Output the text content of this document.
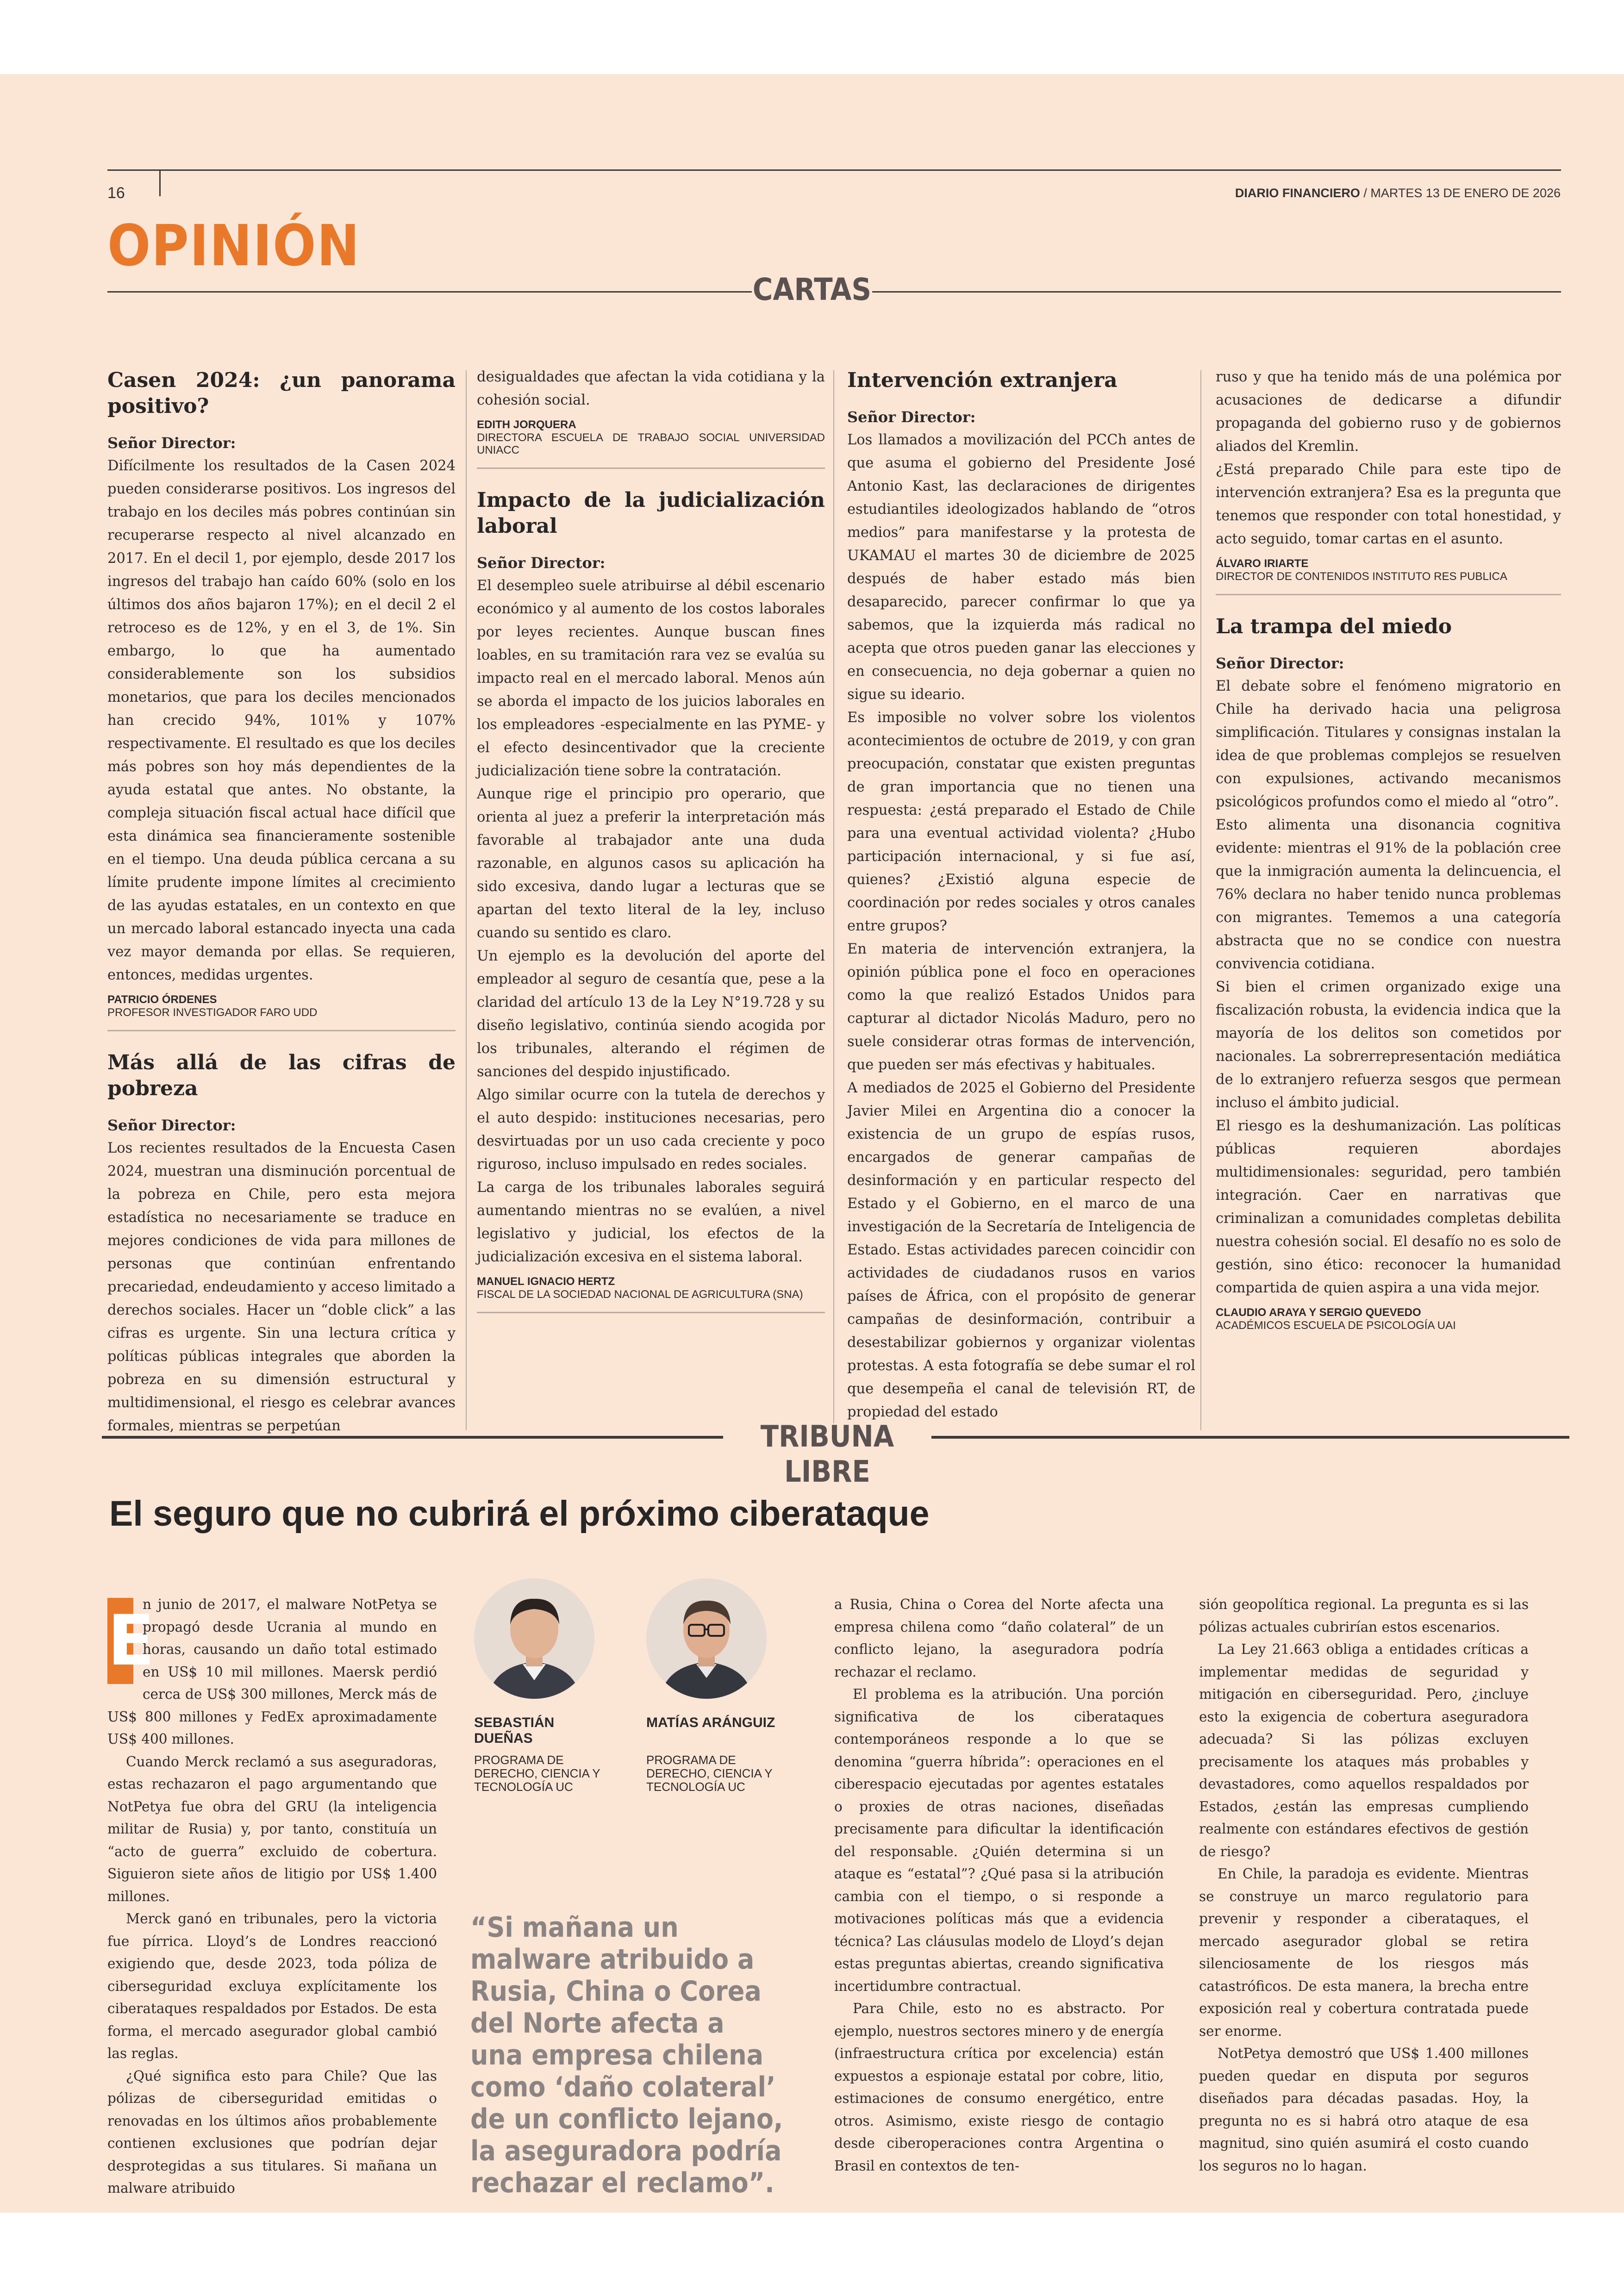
16	DIARIO FINANCIERO / MARTES 13 DE ENERO DE 2026
OPINIÓN
CARTAS
Casen 2024: ¿un panorama positivo?

Señor Director:

Difícilmente los resultados de la Casen 2024 pueden considerarse positivos. Los ingresos del trabajo en los deciles más pobres continúan sin recuperarse respecto al nivel alcanzado en 2017. En el decil 1, por ejemplo, desde 2017 los ingresos del trabajo han caído 60% (solo en los últimos dos años bajaron 17%); en el decil 2 el retroceso es de 12%, y en el 3, de 1%. Sin embargo, lo que ha aumentado considerablemente son los subsidios monetarios, que para los deciles mencionados han crecido 94%, 101% y 107% respectivamente. El resultado es que los deciles más pobres son hoy más dependientes de la ayuda estatal que antes. No obstante, la compleja situación fiscal actual hace difícil que esta dinámica sea financieramente sostenible en el tiempo. Una deuda pública cercana a su límite prudente impone límites al crecimiento de las ayudas estatales, en un contexto en que un mercado laboral estancado inyecta una cada vez mayor demanda por ellas. Se requieren, entonces, medidas urgentes.

PATRICIO ÓRDENES
PROFESOR INVESTIGADOR FARO UDD
Más allá de las cifras de pobreza

Señor Director:

Los recientes resultados de la Encuesta Casen 2024, muestran una disminución porcentual de la pobreza en Chile, pero esta mejora estadística no necesariamente se traduce en mejores condiciones de vida para millones de personas que continúan enfrentando precariedad, endeudamiento y acceso limitado a derechos sociales. Hacer un “doble click” a las cifras es urgente. Sin una lectura crítica y políticas públicas integrales que aborden la pobreza en su dimensión estructural y multidimensional, el riesgo es celebrar avances formales, mientras se perpetúan

desigualdades que afectan la vida cotidiana y la cohesión social.

EDITH JORQUERA
DIRECTORA ESCUELA DE TRABAJO SOCIAL UNIVERSIDAD UNIACC
Impacto de la judicialización laboral

Señor Director:

El desempleo suele atribuirse al débil escenario económico y al aumento de los costos laborales por leyes recientes. Aunque buscan fines loables, en su tramitación rara vez se evalúa su impacto real en el mercado laboral. Menos aún se aborda el impacto de los juicios laborales en los empleadores -especialmente en las PYME- y el efecto desincentivador que la creciente judicialización tiene sobre la contratación.

Aunque rige el principio pro operario, que orienta al juez a preferir la interpretación más favorable al trabajador ante una duda razonable, en algunos casos su aplicación ha sido excesiva, dando lugar a lecturas que se apartan del texto literal de la ley, incluso cuando su sentido es claro.

Un ejemplo es la devolución del aporte del empleador al seguro de cesantía que, pese a la claridad del artículo 13 de la Ley N°19.728 y su diseño legislativo, continúa siendo acogida por los tribunales, alterando el régimen de sanciones del despido injustificado.

Algo similar ocurre con la tutela de derechos y el auto despido: instituciones necesarias, pero desvirtuadas por un uso cada creciente y poco riguroso, incluso impulsado en redes sociales.

La carga de los tribunales laborales seguirá aumentando mientras no se evalúen, a nivel legislativo y judicial, los efectos de la judicialización excesiva en el sistema laboral.

MANUEL IGNACIO HERTZ
FISCAL DE LA SOCIEDAD NACIONAL DE AGRICULTURA (SNA)
Intervención extranjera

Señor Director:

Los llamados a movilización del PCCh antes de que asuma el gobierno del Presidente José Antonio Kast, las declaraciones de dirigentes estudiantiles ideologizados hablando de “otros medios” para manifestarse y la protesta de UKAMAU el martes 30 de diciembre de 2025 después de haber estado más bien desaparecido, parecer confirmar lo que ya sabemos, que la izquierda más radical no acepta que otros pueden ganar las elecciones y en consecuencia, no deja gobernar a quien no sigue su ideario.

Es imposible no volver sobre los violentos acontecimientos de octubre de 2019, y con gran preocupación, constatar que existen preguntas de gran importancia que no tienen una respuesta: ¿está preparado el Estado de Chile para una eventual actividad violenta? ¿Hubo participación internacional, y si fue así, quienes? ¿Existió alguna especie de coordinación por redes sociales y otros canales entre grupos?

En materia de intervención extranjera, la opinión pública pone el foco en operaciones como la que realizó Estados Unidos para capturar al dictador Nicolás Maduro, pero no suele considerar otras formas de intervención, que pueden ser más efectivas y habituales.

A mediados de 2025 el Gobierno del Presidente Javier Milei en Argentina dio a conocer la existencia de un grupo de espías rusos, encargados de generar campañas de desinformación y en particular respecto del Estado y el Gobierno, en el marco de una investigación de la Secretaría de Inteligencia de Estado. Estas actividades parecen coincidir con actividades de ciudadanos rusos en varios países de África, con el propósito de generar campañas de desinformación, contribuir a desestabilizar gobiernos y organizar violentas protestas. A esta fotografía se debe sumar el rol que desempeña el canal de televisión RT, de propiedad del estado

ruso y que ha tenido más de una polémica por acusaciones de dedicarse a difundir propaganda del gobierno ruso y de gobiernos aliados del Kremlin.

¿Está preparado Chile para este tipo de intervención extranjera? Esa es la pregunta que tenemos que responder con total honestidad, y acto seguido, tomar cartas en el asunto.

ÁLVARO IRIARTE
DIRECTOR DE CONTENIDOS INSTITUTO RES PUBLICA
La trampa del miedo

Señor Director:

El debate sobre el fenómeno migratorio en Chile ha derivado hacia una peligrosa simplificación. Titulares y consignas instalan la idea de que problemas complejos se resuelven con expulsiones, activando mecanismos psicológicos profundos como el miedo al “otro”.

Esto alimenta una disonancia cognitiva evidente: mientras el 91% de la población cree que la inmigración aumenta la delincuencia, el 76% declara no haber tenido nunca problemas con migrantes. Tememos a una categoría abstracta que no se condice con nuestra convivencia cotidiana.

Si bien el crimen organizado exige una fiscalización robusta, la evidencia indica que la mayoría de los delitos son cometidos por nacionales. La sobrerrepresentación mediática de lo extranjero refuerza sesgos que permean incluso el ámbito judicial.

El riesgo es la deshumanización. Las políticas públicas requieren abordajes multidimensionales: seguridad, pero también integración. Caer en narrativas que criminalizan a comunidades completas debilita nuestra cohesión social. El desafío no es solo de gestión, sino ético: reconocer la humanidad compartida de quien aspira a una vida mejor.

CLAUDIO ARAYA Y SERGIO QUEVEDO
ACADÉMICOS ESCUELA DE PSICOLOGÍA UAI
TRIBUNA LIBRE
El seguro que no cubrirá el próximo ciberataque

E
n junio de 2017, el malware NotPetya se propagó desde Ucrania al mundo en horas, causando un daño total estimado en US$ 10 mil millones. Maersk perdió cerca de US$ 300 millones, Merck más de US$ 800 millones y FedEx aproximadamente US$ 400 millones.

Cuando Merck reclamó a sus aseguradoras, estas rechazaron el pago argumentando que NotPetya fue obra del GRU (la inteligencia militar de Rusia) y, por tanto, constituía un “acto de guerra” excluido de cobertura. Siguieron siete años de litigio por US$ 1.400 millones.

Merck ganó en tribunales, pero la victoria fue pírrica. Lloyd’s de Londres reaccionó exigiendo que, desde 2023, toda póliza de ciberseguridad excluya explícitamente los ciberataques respaldados por Estados. De esta forma, el mercado asegurador global cambió las reglas.

¿Qué significa esto para Chile? Que las pólizas de ciberseguridad emitidas o renovadas en los últimos años probablemente contienen exclusiones que podrían dejar desprotegidas a sus titulares. Si mañana un malware atribuido

SEBASTIÁN DUEÑAS
PROGRAMA DE DERECHO, CIENCIA Y TECNOLOGÍA UC
MATÍAS ARÁNGUIZ
PROGRAMA DE DERECHO, CIENCIA Y TECNOLOGÍA UC
“Si mañana un malware atribuido a Rusia, China o Corea del Norte afecta a una empresa chilena como ‘daño colateral’ de un conflicto lejano, la aseguradora podría rechazar el reclamo”.

a Rusia, China o Corea del Norte afecta una empresa chilena como “daño colateral” de un conflicto lejano, la aseguradora podría rechazar el reclamo.

El problema es la atribución. Una porción significativa de los ciberataques contemporáneos responde a lo que se denomina “guerra híbrida”: operaciones en el ciberespacio ejecutadas por agentes estatales o proxies de otras naciones, diseñadas precisamente para dificultar la identificación del responsable. ¿Quién determina si un ataque es “estatal”? ¿Qué pasa si la atribución cambia con el tiempo, o si responde a motivaciones políticas más que a evidencia técnica? Las cláusulas modelo de Lloyd’s dejan estas preguntas abiertas, creando significativa incertidumbre contractual.

Para Chile, esto no es abstracto. Por ejemplo, nuestros sectores minero y de energía (infraestructura crítica por excelencia) están expuestos a espionaje estatal por cobre, litio, estimaciones de consumo energético, entre otros. Asimismo, existe riesgo de contagio desde ciberoperaciones contra Argentina o Brasil en contextos de ten-

sión geopolítica regional. La pregunta es si las pólizas actuales cubrirían estos escenarios.

La Ley 21.663 obliga a entidades críticas a implementar medidas de seguridad y mitigación en ciberseguridad. Pero, ¿incluye esto la exigencia de cobertura aseguradora adecuada? Si las pólizas excluyen precisamente los ataques más probables y devastadores, como aquellos respaldados por Estados, ¿están las empresas cumpliendo realmente con estándares efectivos de gestión de riesgo?

En Chile, la paradoja es evidente. Mientras se construye un marco regulatorio para prevenir y responder a ciberataques, el mercado asegurador global se retira silenciosamente de los riesgos más catastróficos. De esta manera, la brecha entre exposición real y cobertura contratada puede ser enorme.

NotPetya demostró que US$ 1.400 millones pueden quedar en disputa por seguros diseñados para décadas pasadas. Hoy, la pregunta no es si habrá otro ataque de esa magnitud, sino quién asumirá el costo cuando los seguros no lo hagan.
